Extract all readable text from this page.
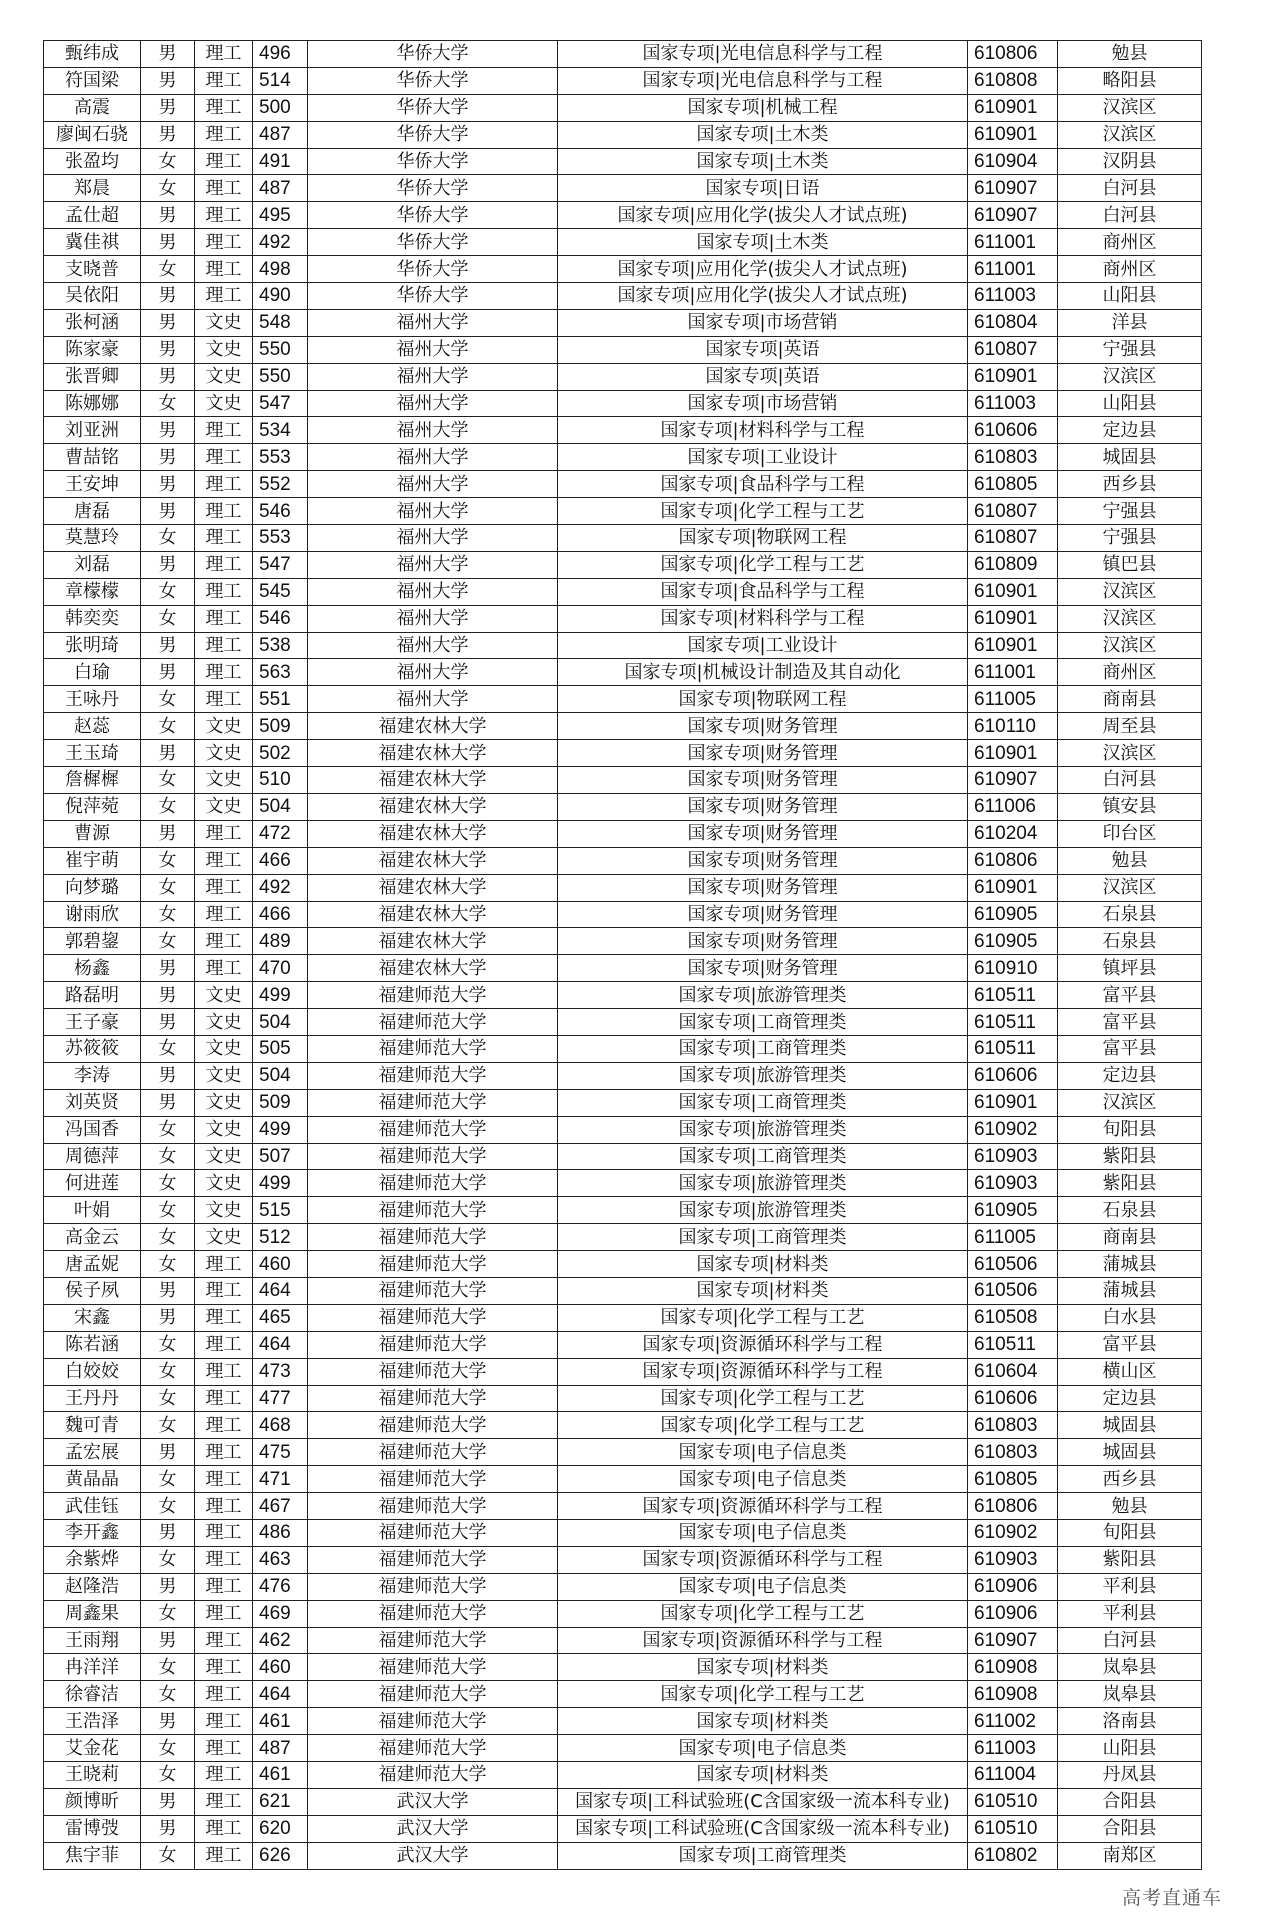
甄纬成	男	理工	496	华侨大学	国家专项|光电信息科学与工程	610806	勉县
符国梁	男	理工	514	华侨大学	国家专项|光电信息科学与工程	610808	略阳县
高震	男	理工	500	华侨大学	国家专项|机械工程	610901	汉滨区
廖闽石骁	男	理工	487	华侨大学	国家专项|土木类	610901	汉滨区
张盈均	女	理工	491	华侨大学	国家专项|土木类	610904	汉阴县
郑晨	女	理工	487	华侨大学	国家专项|日语	610907	白河县
孟仕超	男	理工	495	华侨大学	国家专项|应用化学(拔尖人才试点班)	610907	白河县
冀佳祺	男	理工	492	华侨大学	国家专项|土木类	611001	商州区
支晓普	女	理工	498	华侨大学	国家专项|应用化学(拔尖人才试点班)	611001	商州区
吴依阳	男	理工	490	华侨大学	国家专项|应用化学(拔尖人才试点班)	611003	山阳县
张柯涵	男	文史	548	福州大学	国家专项|市场营销	610804	洋县
陈家豪	男	文史	550	福州大学	国家专项|英语	610807	宁强县
张晋卿	男	文史	550	福州大学	国家专项|英语	610901	汉滨区
陈娜娜	女	文史	547	福州大学	国家专项|市场营销	611003	山阳县
刘亚洲	男	理工	534	福州大学	国家专项|材料科学与工程	610606	定边县
曹喆铭	男	理工	553	福州大学	国家专项|工业设计	610803	城固县
王安坤	男	理工	552	福州大学	国家专项|食品科学与工程	610805	西乡县
唐磊	男	理工	546	福州大学	国家专项|化学工程与工艺	610807	宁强县
莫慧玲	女	理工	553	福州大学	国家专项|物联网工程	610807	宁强县
刘磊	男	理工	547	福州大学	国家专项|化学工程与工艺	610809	镇巴县
章檬檬	女	理工	545	福州大学	国家专项|食品科学与工程	610901	汉滨区
韩奕奕	女	理工	546	福州大学	国家专项|材料科学与工程	610901	汉滨区
张明琦	男	理工	538	福州大学	国家专项|工业设计	610901	汉滨区
白瑜	男	理工	563	福州大学	国家专项|机械设计制造及其自动化	611001	商州区
王咏丹	女	理工	551	福州大学	国家专项|物联网工程	611005	商南县
赵蕊	女	文史	509	福建农林大学	国家专项|财务管理	610110	周至县
王玉琦	男	文史	502	福建农林大学	国家专项|财务管理	610901	汉滨区
詹樨樨	女	文史	510	福建农林大学	国家专项|财务管理	610907	白河县
倪萍菀	女	文史	504	福建农林大学	国家专项|财务管理	611006	镇安县
曹源	男	理工	472	福建农林大学	国家专项|财务管理	610204	印台区
崔宇萌	女	理工	466	福建农林大学	国家专项|财务管理	610806	勉县
向梦璐	女	理工	492	福建农林大学	国家专项|财务管理	610901	汉滨区
谢雨欣	女	理工	466	福建农林大学	国家专项|财务管理	610905	石泉县
郭碧鋆	女	理工	489	福建农林大学	国家专项|财务管理	610905	石泉县
杨鑫	男	理工	470	福建农林大学	国家专项|财务管理	610910	镇坪县
路磊明	男	文史	499	福建师范大学	国家专项|旅游管理类	610511	富平县
王子豪	男	文史	504	福建师范大学	国家专项|工商管理类	610511	富平县
苏筱筱	女	文史	505	福建师范大学	国家专项|工商管理类	610511	富平县
李涛	男	文史	504	福建师范大学	国家专项|旅游管理类	610606	定边县
刘英贤	男	文史	509	福建师范大学	国家专项|工商管理类	610901	汉滨区
冯国香	女	文史	499	福建师范大学	国家专项|旅游管理类	610902	旬阳县
周德萍	女	文史	507	福建师范大学	国家专项|工商管理类	610903	紫阳县
何进莲	女	文史	499	福建师范大学	国家专项|旅游管理类	610903	紫阳县
叶娟	女	文史	515	福建师范大学	国家专项|旅游管理类	610905	石泉县
高金云	女	文史	512	福建师范大学	国家专项|工商管理类	611005	商南县
唐孟妮	女	理工	460	福建师范大学	国家专项|材料类	610506	蒲城县
侯子夙	男	理工	464	福建师范大学	国家专项|材料类	610506	蒲城县
宋鑫	男	理工	465	福建师范大学	国家专项|化学工程与工艺	610508	白水县
陈若涵	女	理工	464	福建师范大学	国家专项|资源循环科学与工程	610511	富平县
白姣姣	女	理工	473	福建师范大学	国家专项|资源循环科学与工程	610604	横山区
王丹丹	女	理工	477	福建师范大学	国家专项|化学工程与工艺	610606	定边县
魏可青	女	理工	468	福建师范大学	国家专项|化学工程与工艺	610803	城固县
孟宏展	男	理工	475	福建师范大学	国家专项|电子信息类	610803	城固县
黄晶晶	女	理工	471	福建师范大学	国家专项|电子信息类	610805	西乡县
武佳钰	女	理工	467	福建师范大学	国家专项|资源循环科学与工程	610806	勉县
李开鑫	男	理工	486	福建师范大学	国家专项|电子信息类	610902	旬阳县
余紫烨	女	理工	463	福建师范大学	国家专项|资源循环科学与工程	610903	紫阳县
赵隆浩	男	理工	476	福建师范大学	国家专项|电子信息类	610906	平利县
周鑫果	女	理工	469	福建师范大学	国家专项|化学工程与工艺	610906	平利县
王雨翔	男	理工	462	福建师范大学	国家专项|资源循环科学与工程	610907	白河县
冉洋洋	女	理工	460	福建师范大学	国家专项|材料类	610908	岚皋县
徐睿洁	女	理工	464	福建师范大学	国家专项|化学工程与工艺	610908	岚皋县
王浩泽	男	理工	461	福建师范大学	国家专项|材料类	611002	洛南县
艾金花	女	理工	487	福建师范大学	国家专项|电子信息类	611003	山阳县
王晓莉	女	理工	461	福建师范大学	国家专项|材料类	611004	丹凤县
颜博昕	男	理工	621	武汉大学	国家专项|工科试验班(C含国家级一流本科专业)	610510	合阳县
雷博弢	男	理工	620	武汉大学	国家专项|工科试验班(C含国家级一流本科专业)	610510	合阳县
焦宇菲	女	理工	626	武汉大学	国家专项|工商管理类	610802	南郑区
高考直通车
